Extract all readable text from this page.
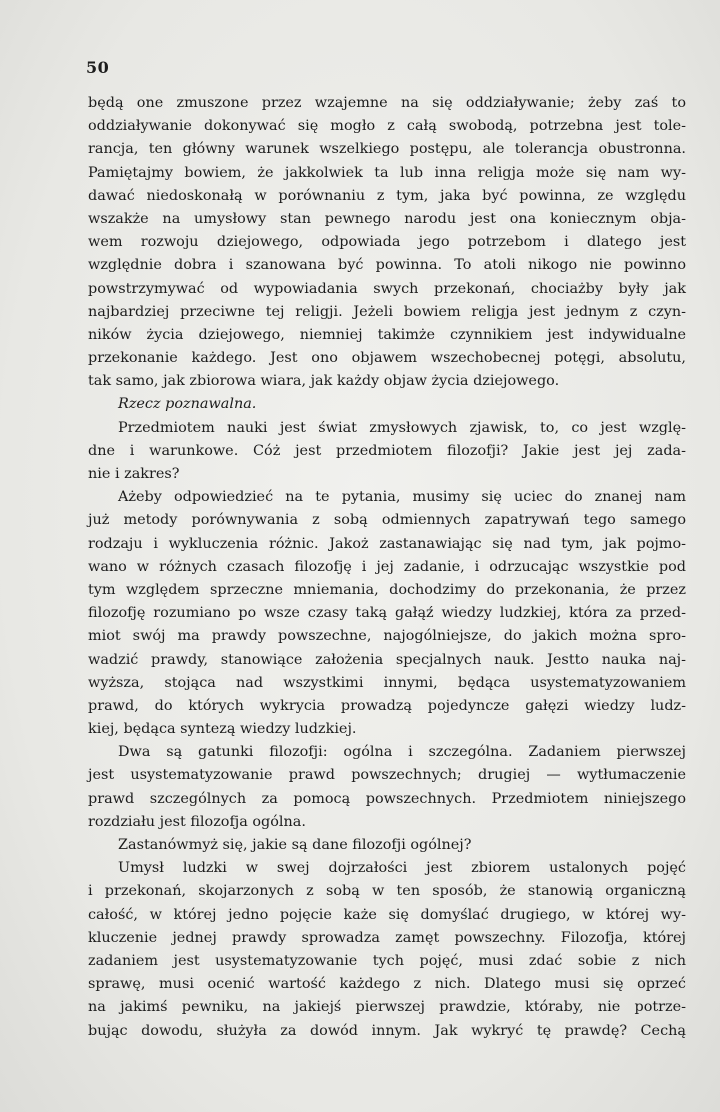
50
będą one zmuszone przez wzajemne na się oddziaływanie; żeby zaś to
oddziaływanie dokonywać się mogło z całą swobodą, potrzebna jest tole-
rancja, ten główny warunek wszelkiego postępu, ale tolerancja obustronna.
Pamiętajmy bowiem, że jakkolwiek ta lub inna religja może się nam wy-
dawać niedoskonałą w porównaniu z tym, jaka być powinna, ze względu
wszakże na umysłowy stan pewnego narodu jest ona koniecznym obja-
wem rozwoju dziejowego, odpowiada jego potrzebom i dlatego jest
względnie dobra i szanowana być powinna. To atoli nikogo nie powinno
powstrzymywać od wypowiadania swych przekonań, chociażby były jak
najbardziej przeciwne tej religji. Jeżeli bowiem religja jest jednym z czyn-
ników życia dziejowego, niemniej takimże czynnikiem jest indywidualne
przekonanie każdego. Jest ono objawem wszechobecnej potęgi, absolutu,
tak samo, jak zbiorowa wiara, jak każdy objaw życia dziejowego.
Rzecz poznawalna.
Przedmiotem nauki jest świat zmysłowych zjawisk, to, co jest wzglę-
dne i warunkowe. Cóż jest przedmiotem filozofji? Jakie jest jej zada-
nie i zakres?
Ażeby odpowiedzieć na te pytania, musimy się uciec do znanej nam
już metody porównywania z sobą odmiennych zapatrywań tego samego
rodzaju i wykluczenia różnic. Jakoż zastanawiając się nad tym, jak pojmo-
wano w różnych czasach filozofję i jej zadanie, i odrzucając wszystkie pod
tym względem sprzeczne mniemania, dochodzimy do przekonania, że przez
filozofję rozumiano po wsze czasy taką gałąź wiedzy ludzkiej, która za przed-
miot swój ma prawdy powszechne, najogólniejsze, do jakich można spro-
wadzić prawdy, stanowiące założenia specjalnych nauk. Jestto nauka naj-
wyższa, stojąca nad wszystkimi innymi, będąca usystematyzowaniem
prawd, do których wykrycia prowadzą pojedyncze gałęzi wiedzy ludz-
kiej, będąca syntezą wiedzy ludzkiej.
Dwa są gatunki filozofji: ogólna i szczególna. Zadaniem pierwszej
jest usystematyzowanie prawd powszechnych; drugiej — wytłumaczenie
prawd szczególnych za pomocą powszechnych. Przedmiotem niniejszego
rozdziału jest filozofja ogólna.
Zastanówmyż się, jakie są dane filozofji ogólnej?
Umysł ludzki w swej dojrzałości jest zbiorem ustalonych pojęć
i przekonań, skojarzonych z sobą w ten sposób, że stanowią organiczną
całość, w której jedno pojęcie każe się domyślać drugiego, w której wy-
kluczenie jednej prawdy sprowadza zamęt powszechny. Filozofja, której
zadaniem jest usystematyzowanie tych pojęć, musi zdać sobie z nich
sprawę, musi ocenić wartość każdego z nich. Dlatego musi się oprzeć
na jakimś pewniku, na jakiejś pierwszej prawdzie, któraby, nie potrze-
bując dowodu, służyła za dowód innym. Jak wykryć tę prawdę? Cechą
